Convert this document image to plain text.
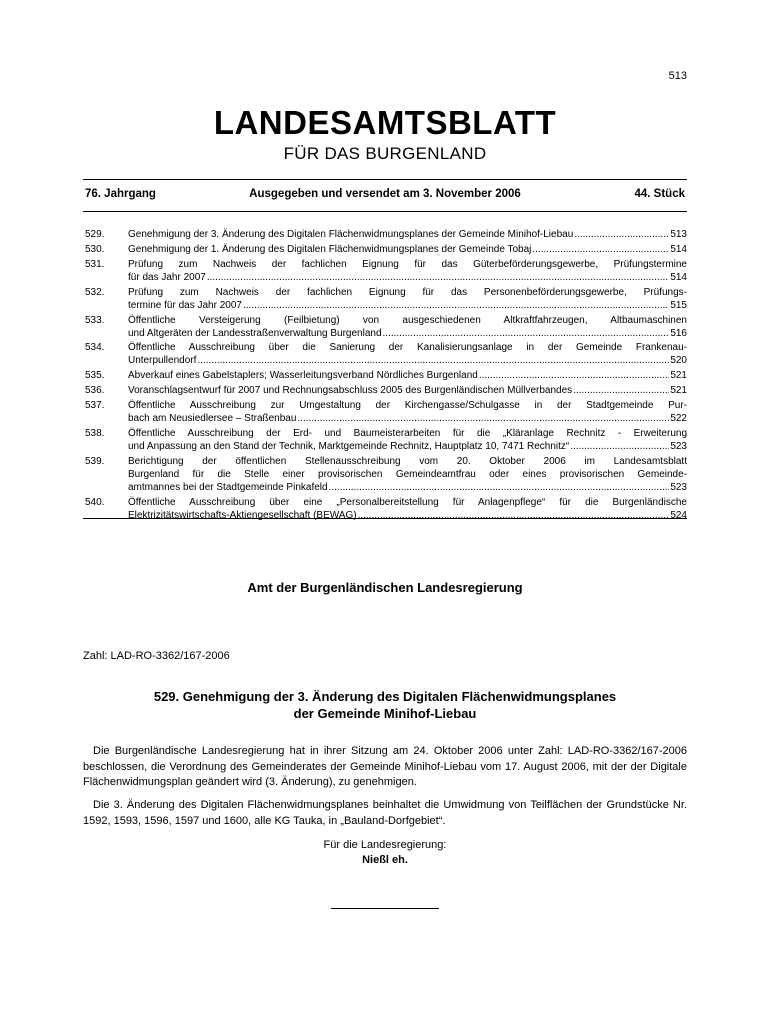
513
LANDESAMTSBLATT
FÜR DAS BURGENLAND
76. Jahrgang	Ausgegeben und versendet am 3. November 2006	44. Stück
529. Genehmigung der 3. Änderung des Digitalen Flächenwidmungsplanes der Gemeinde Minihof-Liebau .....	513
530. Genehmigung der 1. Änderung des Digitalen Flächenwidmungsplanes der Gemeinde Tobaj .....	514
531. Prüfung zum Nachweis der fachlichen Eignung für das Güterbeförderungsgewerbe, Prüfungstermine
für das Jahr 2007 .....	514
532. Prüfung zum Nachweis der fachlichen Eignung für das Personenbeförderungsgewerbe, Prüfungs-
termine für das Jahr 2007 .....	515
533. Öffentliche Versteigerung (Feilbietung) von ausgeschiedenen Altkraftfahrzeugen, Altbaumaschinen
und Altgeräten der Landesstraßenverwaltung Burgenland .....	516
534. Öffentliche Ausschreibung über die Sanierung der Kanalisierungsanlage in der Gemeinde Frankenau-
Unterpullendorf .....	520
535. Abverkauf eines Gabelstaplers; Wasserleitungsverband Nördliches Burgenland .....	521
536. Voranschlagsentwurf für 2007 und Rechnungsabschluss 2005 des Burgenländischen Müllverbandes .....	521
537. Öffentliche Ausschreibung zur Umgestaltung der Kirchengasse/Schulgasse in der Stadtgemeinde Pur-
bach am Neusiedlersee – Straßenbau .....	522
538. Öffentliche Ausschreibung der Erd- und Baumeisterarbeiten für die „Kläranlage Rechnitz - Erweiterung
und Anpassung an den Stand der Technik, Marktgemeinde Rechnitz, Hauptplatz 10, 7471 Rechnitz“ .....	523
539. Berichtigung der öffentlichen Stellenausschreibung vom 20. Oktober 2006 im Landesamtsblatt
Burgenland für die Stelle einer provisorischen Gemeindeamtfrau oder eines provisorischen Gemeinde-
amtmannes bei der Stadtgemeinde Pinkafeld .....	523
540. Öffentliche Ausschreibung über eine „Personalbereitstellung für Anlagenpflege“ für die Burgenländische
Elektrizitätswirtschafts-Aktiengesellschaft (BEWAG) .....	524
Amt der Burgenländischen Landesregierung
Zahl: LAD-RO-3362/167-2006
529. Genehmigung der 3. Änderung des Digitalen Flächenwidmungsplanes
der Gemeinde Minihof-Liebau
Die Burgenländische Landesregierung hat in ihrer Sitzung am 24. Oktober 2006 unter Zahl: LAD-RO-3362/167-2006 beschlossen, die Verordnung des Gemeinderates der Gemeinde Minihof-Liebau vom 17. August 2006, mit der der Digitale Flächenwidmungsplan geändert wird (3. Änderung), zu genehmigen.
Die 3. Änderung des Digitalen Flächenwidmungsplanes beinhaltet die Umwidmung von Teilflächen der Grundstücke Nr. 1592, 1593, 1596, 1597 und 1600, alle KG Tauka, in „Bauland-Dorfgebiet“.
Für die Landesregierung:
Nießl eh.
